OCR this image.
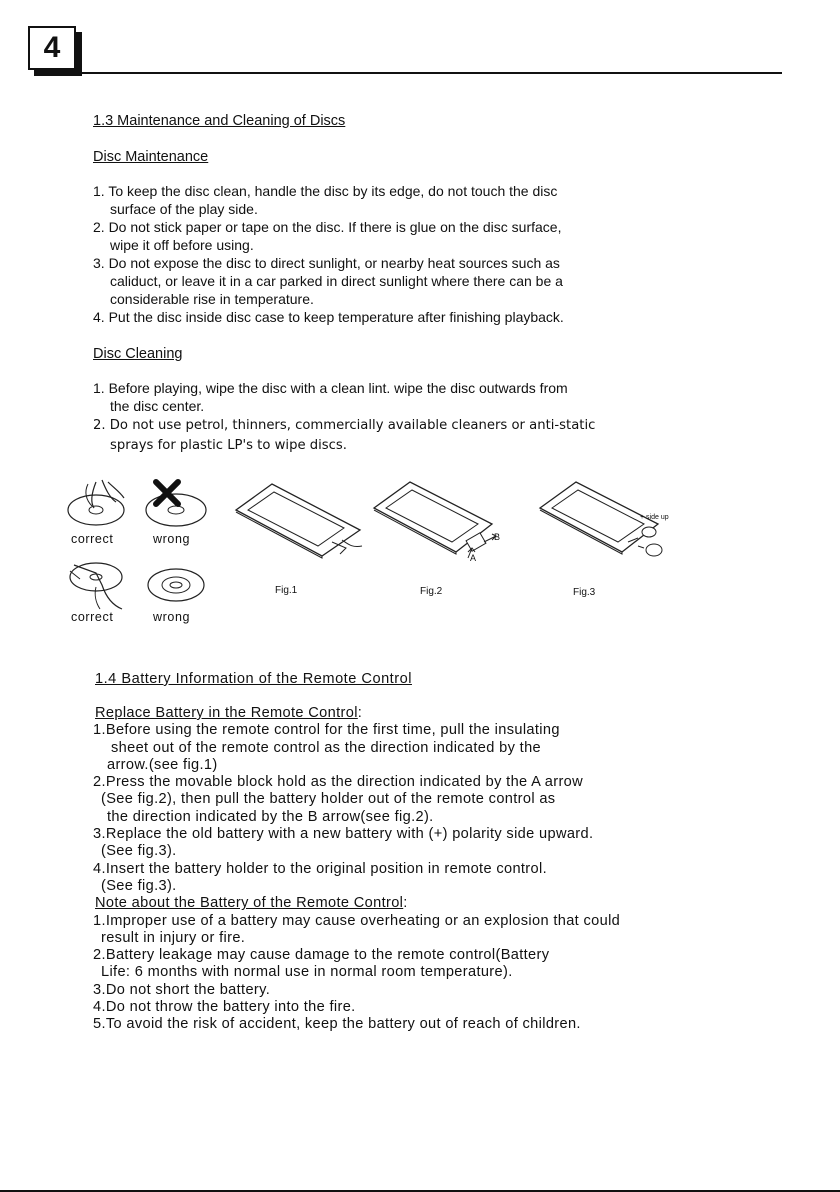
4
1.3 Maintenance and Cleaning of Discs
Disc Maintenance
1. To keep the disc clean, handle the disc by its edge, do not touch the disc
surface of the play side.
2. Do not stick paper or tape on the disc. If there is glue on the disc surface,
wipe it off before using.
3. Do not expose the disc to direct sunlight, or nearby heat sources such as
caliduct, or leave it in a car parked in direct sunlight where there can be a
considerable rise in temperature.
4. Put the disc inside disc case to keep temperature after finishing playback.
Disc Cleaning
1. Before playing, wipe the disc with a clean lint. wipe the disc outwards from
the disc center.
2. Do not use petrol, thinners, commercially available cleaners or anti-static
sprays for plastic LP's to wipe discs.
correct	wrong
correct	wrong
B
A
+ side up
Fig.1	Fig.2	Fig.3
1.4 Battery Information of the Remote Control
Replace Battery in the Remote Control:
1.Before using the remote control for the first time, pull the insulating
sheet out of the remote control as the direction indicated by the
arrow.(see fig.1)
2.Press the movable block hold as the direction indicated by the A arrow
(See fig.2), then pull the battery holder out of the remote control as
the direction indicated by the B arrow(see fig.2).
3.Replace the old battery with a new battery with (+) polarity side upward.
(See fig.3).
4.Insert the battery holder to the original position in remote control.
(See fig.3).
Note about the Battery of the Remote Control:
1.Improper use of a battery may cause overheating or an explosion that could
result in injury or fire.
2.Battery leakage may cause damage to the remote control(Battery
Life: 6 months with normal use in normal room temperature).
3.Do not short the battery.
4.Do not throw the battery into the fire.
5.To avoid the risk of accident, keep the battery out of reach of children.
